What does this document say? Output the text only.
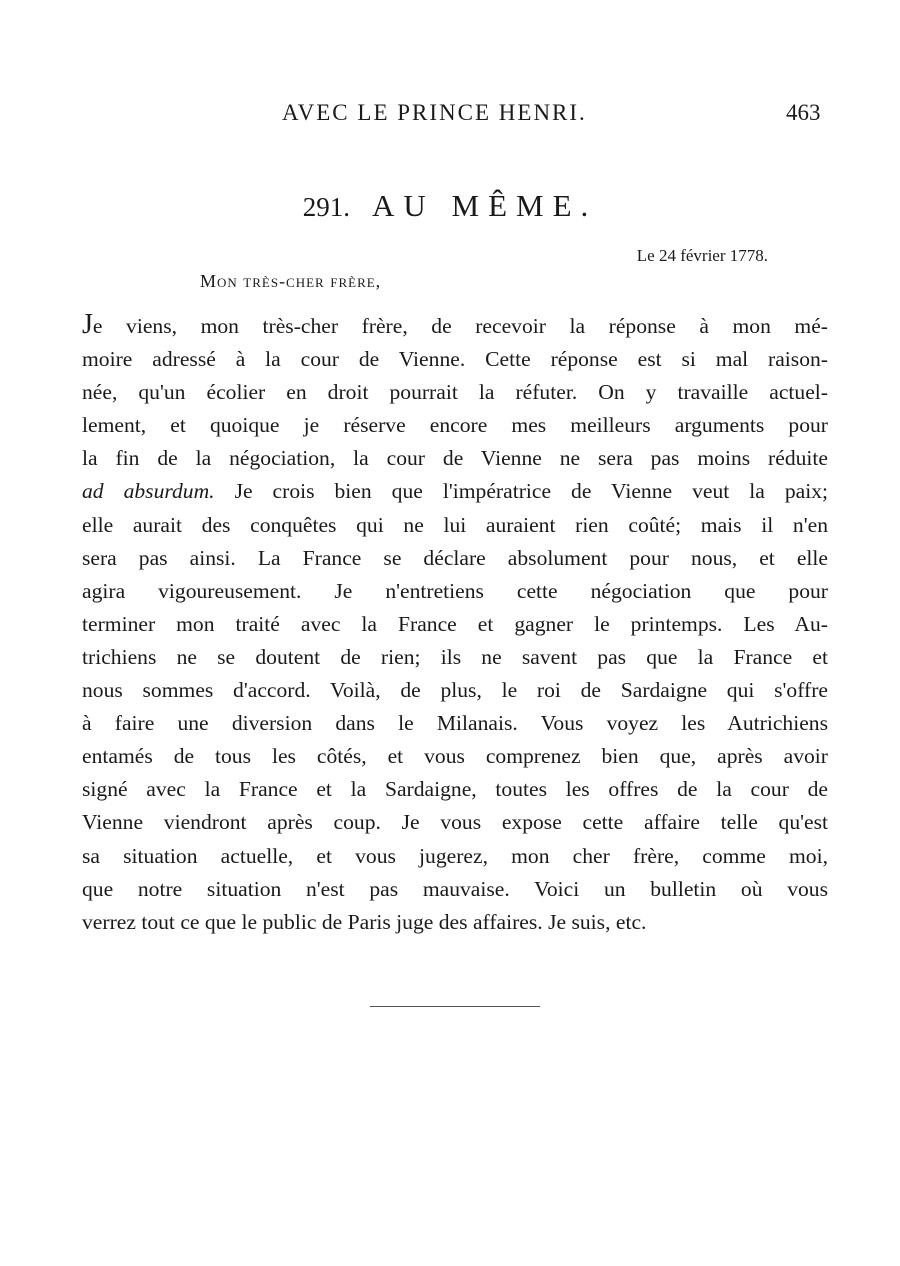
AVEC LE PRINCE HENRI.	463
291. AU MÊME.
Le 24 février 1778.
Mon très-cher frère,
Je viens, mon très-cher frère, de recevoir la réponse à mon mé-
moire adressé à la cour de Vienne. Cette réponse est si mal raison-
née, qu'un écolier en droit pourrait la réfuter. On y travaille actuel-
lement, et quoique je réserve encore mes meilleurs arguments pour
la fin de la négociation, la cour de Vienne ne sera pas moins réduite
ad absurdum. Je crois bien que l'impératrice de Vienne veut la paix;
elle aurait des conquêtes qui ne lui auraient rien coûté; mais il n'en
sera pas ainsi. La France se déclare absolument pour nous, et elle
agira vigoureusement. Je n'entretiens cette négociation que pour
terminer mon traité avec la France et gagner le printemps. Les Au-
trichiens ne se doutent de rien; ils ne savent pas que la France et
nous sommes d'accord. Voilà, de plus, le roi de Sardaigne qui s'offre
à faire une diversion dans le Milanais. Vous voyez les Autrichiens
entamés de tous les côtés, et vous comprenez bien que, après avoir
signé avec la France et la Sardaigne, toutes les offres de la cour de
Vienne viendront après coup. Je vous expose cette affaire telle qu'est
sa situation actuelle, et vous jugerez, mon cher frère, comme moi,
que notre situation n'est pas mauvaise. Voici un bulletin où vous
verrez tout ce que le public de Paris juge des affaires. Je suis, etc.
